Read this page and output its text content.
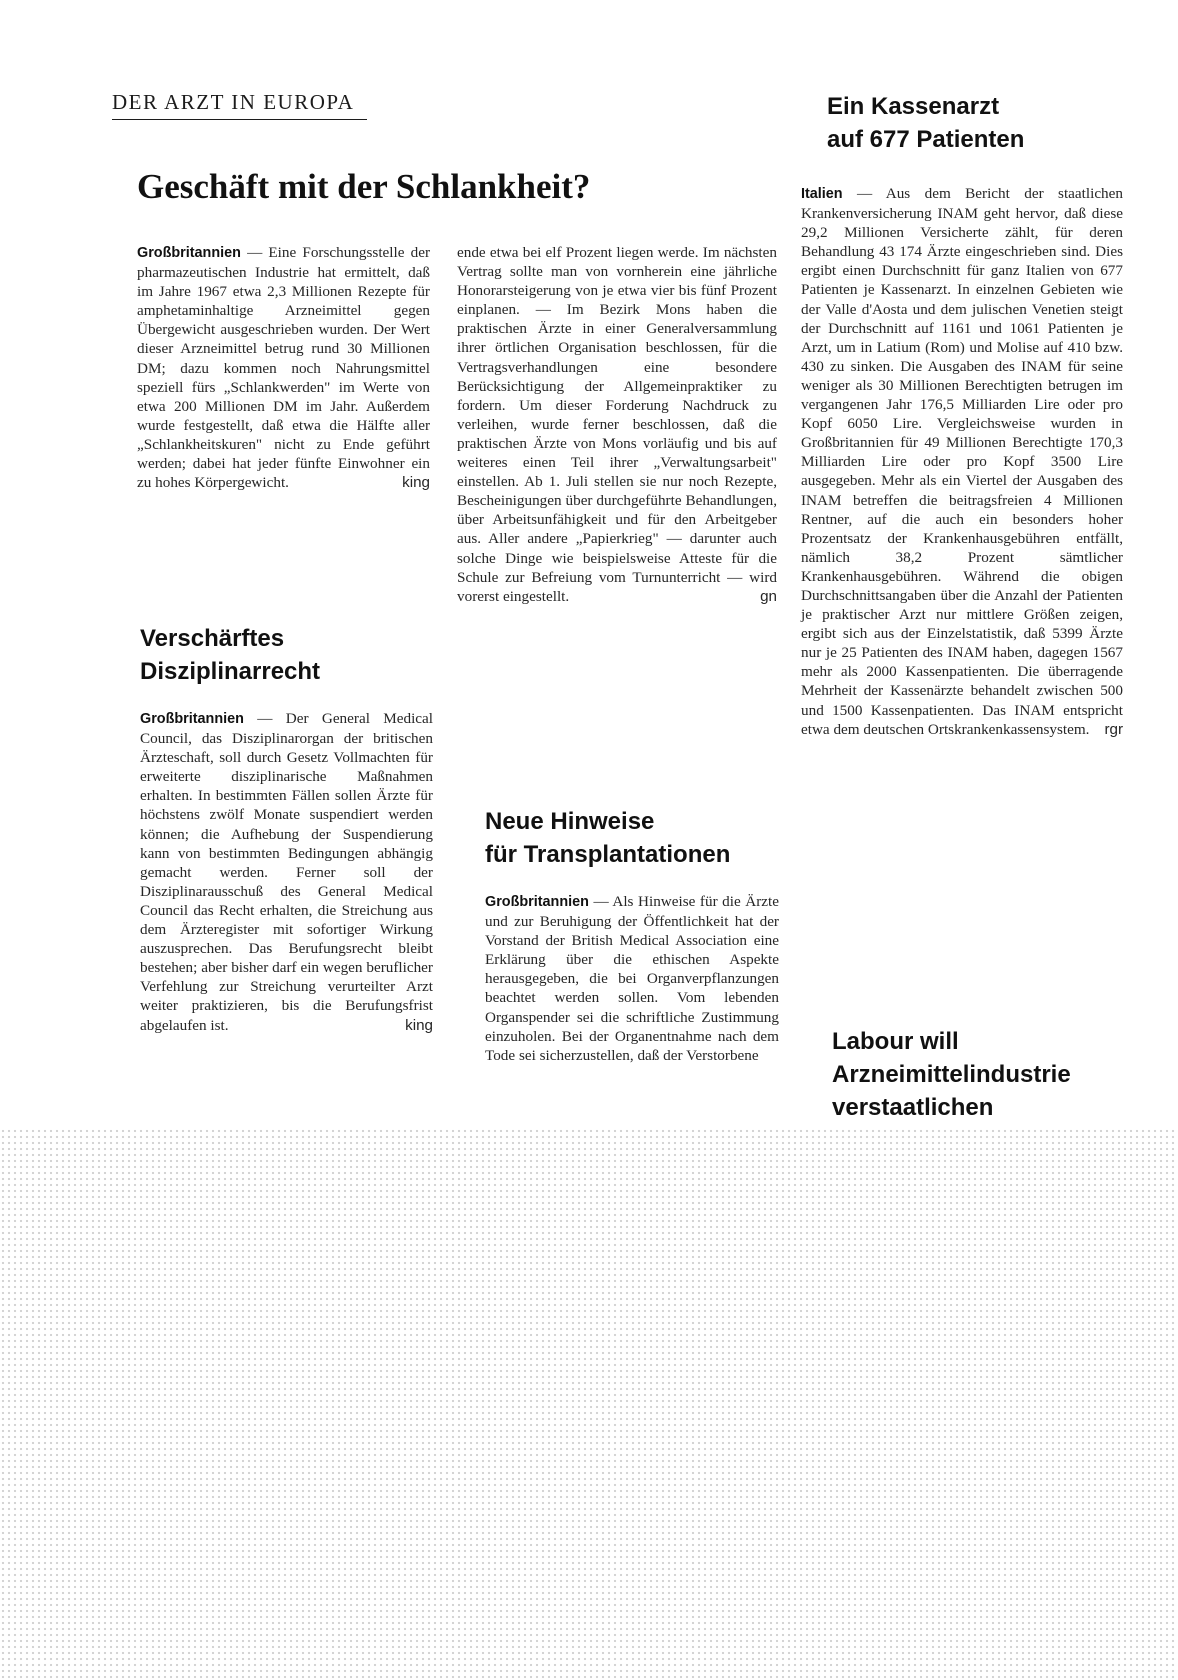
DER ARZT IN EUROPA
Geschäft mit der Schlankheit?

Großbritannien — Eine Forschungsstelle der pharmazeutischen Industrie hat ermittelt, daß im Jahre 1967 etwa 2,3 Millionen Rezepte für amphetaminhaltige Arzneimittel gegen Übergewicht ausgeschrieben wurden. Der Wert dieser Arzneimittel betrug rund 30 Millionen DM; dazu kommen noch Nahrungsmittel speziell fürs „Schlankwerden" im Werte von etwa 200 Millionen DM im Jahr. Außerdem wurde festgestellt, daß etwa die Hälfte aller „Schlankheitskuren" nicht zu Ende geführt werden; dabei hat jeder fünfte Einwohner ein zu hohes Körpergewicht.	king

Verschärftes
Disziplinarrecht

Großbritannien — Der General Medical Council, das Disziplinarorgan der britischen Ärzteschaft, soll durch Gesetz Vollmachten für erweiterte disziplinarische Maßnahmen erhalten. In bestimmten Fällen sollen Ärzte für höchstens zwölf Monate suspendiert werden können; die Aufhebung der Suspendierung kann von bestimmten Bedingungen abhängig gemacht werden. Ferner soll der Disziplinarausschuß des General Medical Council das Recht erhalten, die Streichung aus dem Ärzteregister mit sofortiger Wirkung auszusprechen. Das Berufungsrecht bleibt bestehen; aber bisher darf ein wegen beruflicher Verfehlung zur Streichung verurteilter Arzt weiter praktizieren, bis die Berufungsfrist abgelaufen ist.	king

ende etwa bei elf Prozent liegen werde. Im nächsten Vertrag sollte man von vornherein eine jährliche Honorarsteigerung von je etwa vier bis fünf Prozent einplanen. — Im Bezirk Mons haben die praktischen Ärzte in einer Generalversammlung ihrer örtlichen Organisation beschlossen, für die Vertragsverhandlungen eine besondere Berücksichtigung der Allgemeinpraktiker zu fordern. Um dieser Forderung Nachdruck zu verleihen, wurde ferner beschlossen, daß die praktischen Ärzte von Mons vorläufig und bis auf weiteres einen Teil ihrer „Verwaltungsarbeit" einstellen. Ab 1. Juli stellen sie nur noch Rezepte, Bescheinigungen über durchgeführte Behandlungen, über Arbeitsunfähigkeit und für den Arbeitgeber aus. Aller andere „Papierkrieg" — darunter auch solche Dinge wie beispielsweise Atteste für die Schule zur Befreiung vom Turnunterricht — wird vorerst eingestellt.	gn

Neue Hinweise
für Transplantationen

Großbritannien — Als Hinweise für die Ärzte und zur Beruhigung der Öffentlichkeit hat der Vorstand der British Medical Association eine Erklärung über die ethischen Aspekte herausgegeben, die bei Organverpflanzungen beachtet werden sollen. Vom lebenden Organspender sei die schriftliche Zustimmung einzuholen. Bei der Organentnahme nach dem Tode sei sicherzustellen, daß der Verstorbene

Ein Kassenarzt
auf 677 Patienten

Italien — Aus dem Bericht der staatlichen Krankenversicherung INAM geht hervor, daß diese 29,2 Millionen Versicherte zählt, für deren Behandlung 43 174 Ärzte eingeschrieben sind. Dies ergibt einen Durchschnitt für ganz Italien von 677 Patienten je Kassenarzt. In einzelnen Gebieten wie der Valle d'Aosta und dem julischen Venetien steigt der Durchschnitt auf 1161 und 1061 Patienten je Arzt, um in Latium (Rom) und Molise auf 410 bzw. 430 zu sinken. Die Ausgaben des INAM für seine weniger als 30 Millionen Berechtigten betrugen im vergangenen Jahr 176,5 Milliarden Lire oder pro Kopf 6050 Lire. Vergleichsweise wurden in Großbritannien für 49 Millionen Berechtigte 170,3 Milliarden Lire oder pro Kopf 3500 Lire ausgegeben. Mehr als ein Viertel der Ausgaben des INAM betreffen die beitragsfreien 4 Millionen Rentner, auf die auch ein besonders hoher Prozentsatz der Krankenhausgebühren entfällt, nämlich 38,2 Prozent sämtlicher Krankenhausgebühren. Während die obigen Durchschnittsangaben über die Anzahl der Patienten je praktischer Arzt nur mittlere Größen zeigen, ergibt sich aus der Einzelstatistik, daß 5399 Ärzte nur je 25 Patienten des INAM haben, dagegen 1567 mehr als 2000 Kassenpatienten. Die überragende Mehrheit der Kassenärzte behandelt zwischen 500 und 1500 Kassenpatienten. Das INAM entspricht etwa dem deutschen Ortskrankenkassensystem. rgr

Labour will
Arzneimittelindustrie
verstaatlichen
